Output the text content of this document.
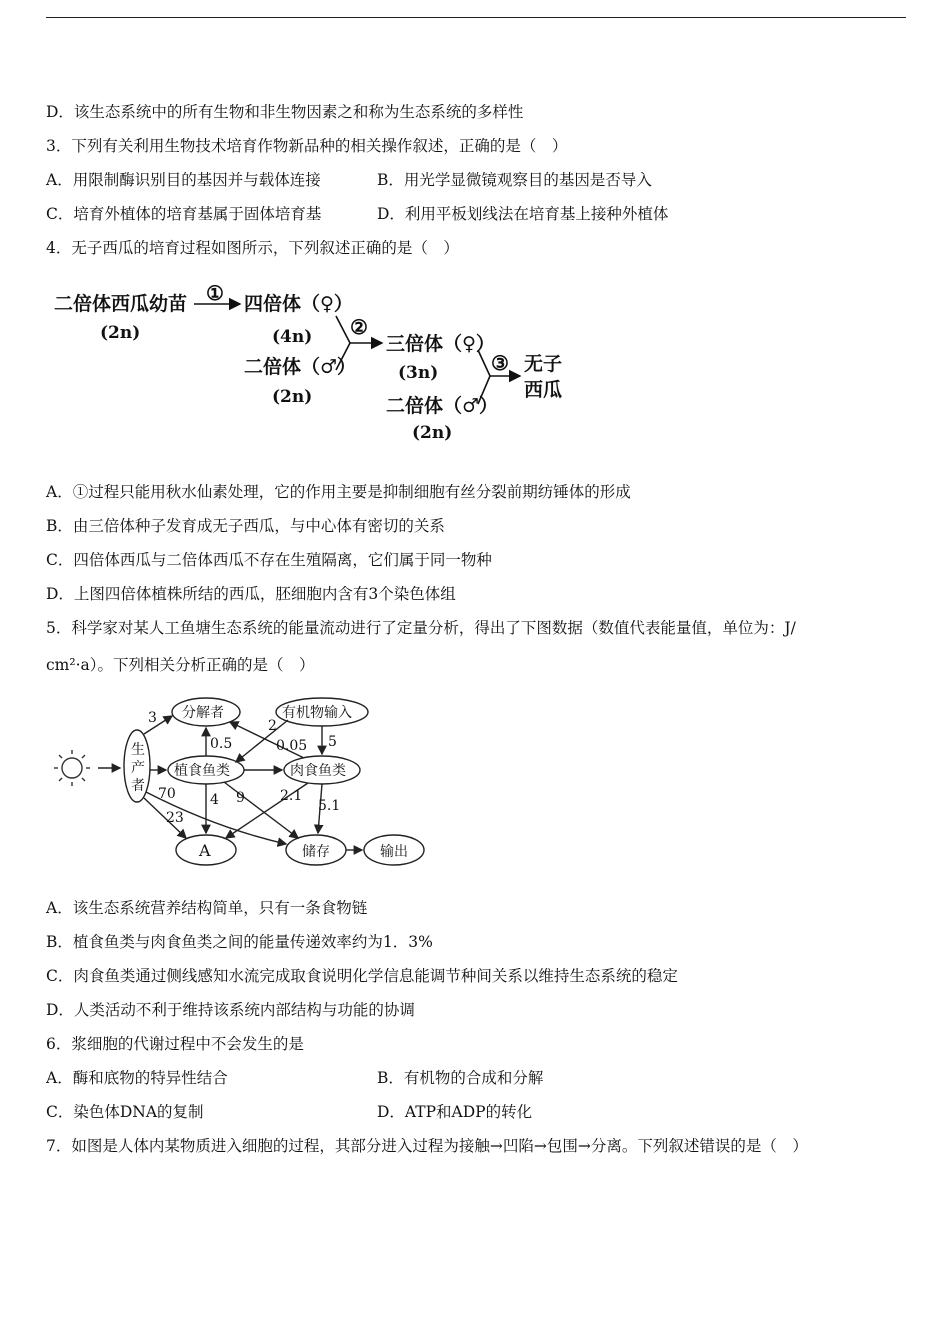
D．该生态系统中的所有生物和非生物因素之和称为生态系统的多样性
3．下列有关利用生物技术培育作物新品种的相关操作叙述，正确的是（　）
A．用限制酶识别目的基因并与载体连接	B．用光学显微镜观察目的基因是否导入
C．培育外植体的培育基属于固体培育基	D．利用平板划线法在培育基上接种外植体
4．无子西瓜的培育过程如图所示，下列叙述正确的是（　）
二倍体西瓜幼苗
(2n)
① 四倍体（♀）
(4n)
二倍体（♂）
(2n)
②
三倍体（♀）
(3n)
二倍体（♂）
(2n)
③ 无子
西瓜
A．①过程只能用秋水仙素处理，它的作用主要是抑制细胞有丝分裂前期纺锤体的形成
B．由三倍体种子发育成无子西瓜，与中心体有密切的关系
C．四倍体西瓜与二倍体西瓜不存在生殖隔离，它们属于同一物种
D．上图四倍体植株所结的西瓜，胚细胞内含有3个染色体组
5．科学家对某人工鱼塘生态系统的能量流动进行了定量分析，得出了下图数据（数值代表能量值，单位为：J/
cm²·a）。下列相关分析正确的是（　）
生
产
者
分解者	有机物输入
植食鱼类	肉食鱼类
A	储存	输出
3	2
0.5	0.05 5
70 4 9	2.1
5.1
23
A．该生态系统营养结构简单，只有一条食物链
B．植食鱼类与肉食鱼类之间的能量传递效率约为1．3%
C．肉食鱼类通过侧线感知水流完成取食说明化学信息能调节种间关系以维持生态系统的稳定
D．人类活动不利于维持该系统内部结构与功能的协调
6．浆细胞的代谢过程中不会发生的是
A．酶和底物的特异性结合	B．有机物的合成和分解
C．染色体DNA的复制	D．ATP和ADP的转化
7．如图是人体内某物质进入细胞的过程，其部分进入过程为接触→凹陷→包围→分离。下列叙述错误的是（　）
